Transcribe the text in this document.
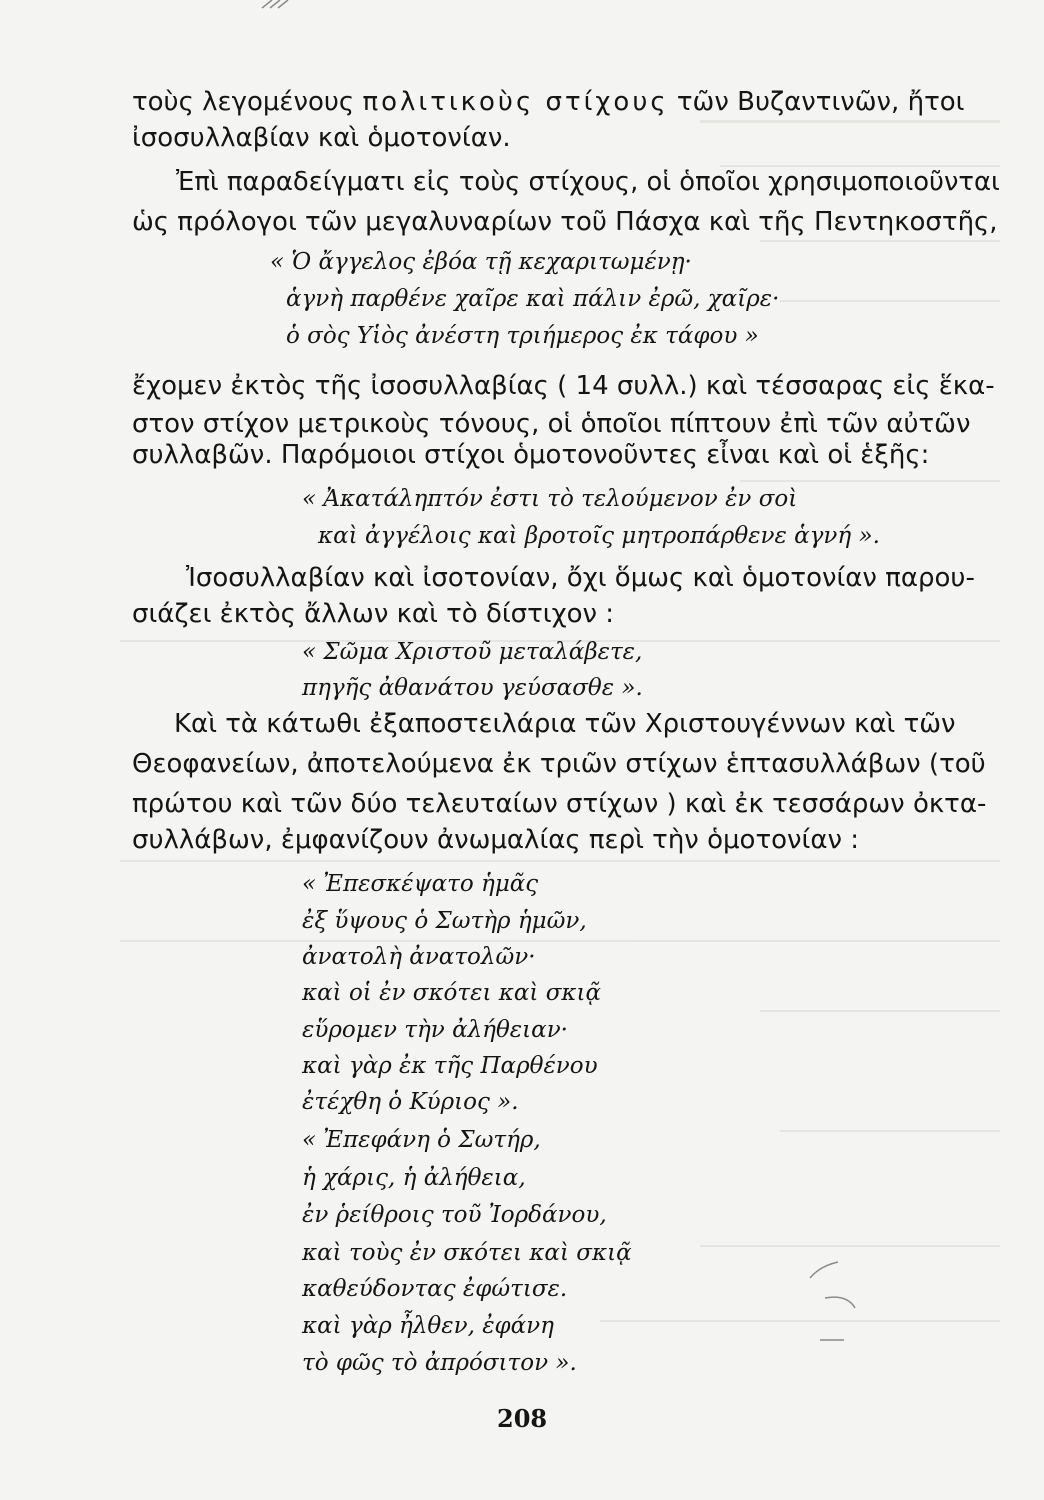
τοὺς λεγομένους πολιτικοὺς στίχους τῶν Βυζαντινῶν, ἤτοι
ἰσοσυλλαβίαν καὶ ὁμοτονίαν.
Ἐπὶ παραδείγματι εἰς τοὺς στίχους, οἱ ὁποῖοι χρησιμοποιοῦνται
ὡς πρόλογοι τῶν μεγαλυναρίων τοῦ Πάσχα καὶ τῆς Πεντηκοστῆς,
« Ὁ ἄγγελος ἐβόα τῇ κεχαριτωμένῃ·
ἁγνὴ παρθένε χαῖρε καὶ πάλιν ἐρῶ, χαῖρε·
ὁ σὸς Υἱὸς ἀνέστη τριήμερος ἐκ τάφου »
ἔχομεν ἐκτὸς τῆς ἰσοσυλλαβίας ( 14 συλλ.) καὶ τέσσαρας εἰς ἕκα-
στον στίχον μετρικοὺς τόνους, οἱ ὁποῖοι πίπτουν ἐπὶ τῶν αὐτῶν
συλλαβῶν. Παρόμοιοι στίχοι ὁμοτονοῦντες εἶναι καὶ οἱ ἑξῆς:
« Ἀκατάληπτόν ἐστι τὸ τελούμενον ἐν σοὶ
καὶ ἀγγέλοις καὶ βροτοῖς μητροπάρθενε ἁγνή ».
Ἰσοσυλλαβίαν καὶ ἰσοτονίαν, ὄχι ὅμως καὶ ὁμοτονίαν παρου-
σιάζει ἐκτὸς ἄλλων καὶ τὸ δίστιχον :
« Σῶμα Χριστοῦ μεταλάβετε,
πηγῆς ἀθανάτου γεύσασθε ».
Καὶ τὰ κάτωθι ἐξαποστειλάρια τῶν Χριστουγέννων καὶ τῶν
Θεοφανείων, ἀποτελούμενα ἐκ τριῶν στίχων ἑπτασυλλάβων (τοῦ
πρώτου καὶ τῶν δύο τελευταίων στίχων ) καὶ ἐκ τεσσάρων ὀκτα-
συλλάβων, ἐμφανίζουν ἀνωμαλίας περὶ τὴν ὁμοτονίαν :
« Ἐπεσκέψατο ἡμᾶς
ἐξ ὕψους ὁ Σωτὴρ ἡμῶν,
ἀνατολὴ ἀνατολῶν·
καὶ οἱ ἐν σκότει καὶ σκιᾷ
εὕρομεν τὴν ἀλήθειαν·
καὶ γὰρ ἐκ τῆς Παρθένου
ἐτέχθη ὁ Κύριος ».
« Ἐπεφάνη ὁ Σωτήρ,
ἡ χάρις, ἡ ἀλήθεια,
ἐν ῥείθροις τοῦ Ἰορδάνου,
καὶ τοὺς ἐν σκότει καὶ σκιᾷ
καθεύδοντας ἐφώτισε.
καὶ γὰρ ἦλθεν, ἐφάνη
τὸ φῶς τὸ ἀπρόσιτον ».
208
